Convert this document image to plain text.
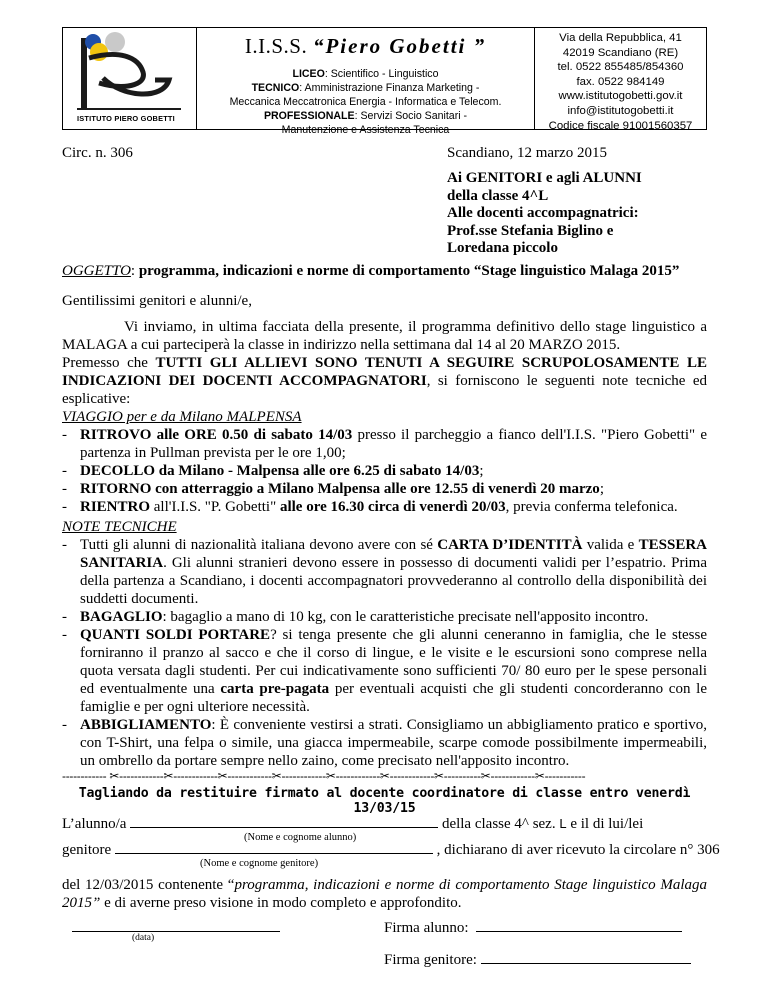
ISTITUTO PIERO GOBETTI
I.I.S.S. “Piero Gobetti ”
LICEO: Scientifico - Linguistico
TECNICO: Amministrazione Finanza Marketing -
Meccanica Meccatronica Energia - Informatica e Telecom.
PROFESSIONALE: Servizi Socio Sanitari -
Manutenzione e Assistenza Tecnica
Via della Repubblica, 41
42019 Scandiano (RE)
tel. 0522 855485/854360
fax. 0522 984149
www.istitutogobetti.gov.it
info@istitutogobetti.it
Codice fiscale 91001560357
Circ. n. 306	Scandiano, 12 marzo 2015
Ai GENITORI e agli ALUNNI
della classe 4^L
Alle docenti accompagnatrici:
Prof.sse Stefania Biglino e
Loredana piccolo
OGGETTO: programma, indicazioni e norme di comportamento “Stage linguistico Malaga 2015”
Gentilissimi genitori e alunni/e,
Vi inviamo, in ultima facciata della presente, il programma definitivo dello stage linguistico a MALAGA a cui parteciperà la classe in indirizzo nella settimana dal 14 al 20 MARZO 2015.
Premesso che TUTTI GLI ALLIEVI SONO TENUTI A SEGUIRE SCRUPOLOSAMENTE LE INDICAZIONI DEI DOCENTI ACCOMPAGNATORI, si forniscono le seguenti note tecniche ed esplicative:
VIAGGIO per e da Milano MALPENSA
- RITROVO alle ORE 0.50 di sabato 14/03 presso il parcheggio a fianco dell'I.I.S. "Piero Gobetti" e partenza in Pullman prevista per le ore 1,00;
- DECOLLO da Milano - Malpensa alle ore 6.25 di sabato 14/03;
- RITORNO con atterraggio a Milano Malpensa alle ore 12.55 di venerdì 20 marzo;
- RIENTRO all'I.I.S. "P. Gobetti" alle ore 16.30 circa di venerdì 20/03, previa conferma telefonica.
NOTE TECNICHE
- Tutti gli alunni di nazionalità italiana devono avere con sé CARTA D’IDENTITÀ valida e TESSERA SANITARIA. Gli alunni stranieri devono essere in possesso di documenti validi per l’espatrio. Prima della partenza a Scandiano, i docenti accompagnatori provvederanno al controllo della disponibilità dei suddetti documenti.
- BAGAGLIO: bagaglio a mano di 10 kg, con le caratteristiche precisate nell'apposito incontro.
- QUANTI SOLDI PORTARE? si tenga presente che gli alunni ceneranno in famiglia, che le stesse forniranno il pranzo al sacco e che il corso di lingue, e le visite e le escursioni sono comprese nella quota versata dagli studenti. Per cui indicativamente sono sufficienti 70/ 80 euro per le spese personali ed eventualmente una carta pre-pagata per eventuali acquisti che gli studenti concorderanno con le famiglie e per ogni ulteriore necessità.
- ABBIGLIAMENTO: È conveniente vestirsi a strati. Consigliamo un abbigliamento pratico e sportivo, con T-Shirt, una felpa o simile, una giacca impermeabile, scarpe comode possibilmente impermeabili, un ombrello da portare sempre nello zaino, come precisato nell'apposito incontro.
------------ ✂------------✂------------✂------------✂------------✂------------✂------------✂----------✂------------✂-----------
Tagliando da restituire firmato al docente coordinatore di classe entro venerdì 13/03/15
L’alunno/a	della classe 4^ sez. L e il di lui/lei
(Nome e cognome alunno)
genitore	, dichiarano di aver ricevuto la circolare n° 306
(Nome e cognome genitore)
del 12/03/2015 contenente “programma, indicazioni e norme di comportamento Stage linguistico Malaga 2015” e di averne preso visione in modo completo e approfondito.
(data)
Firma alunno:
Firma genitore:
